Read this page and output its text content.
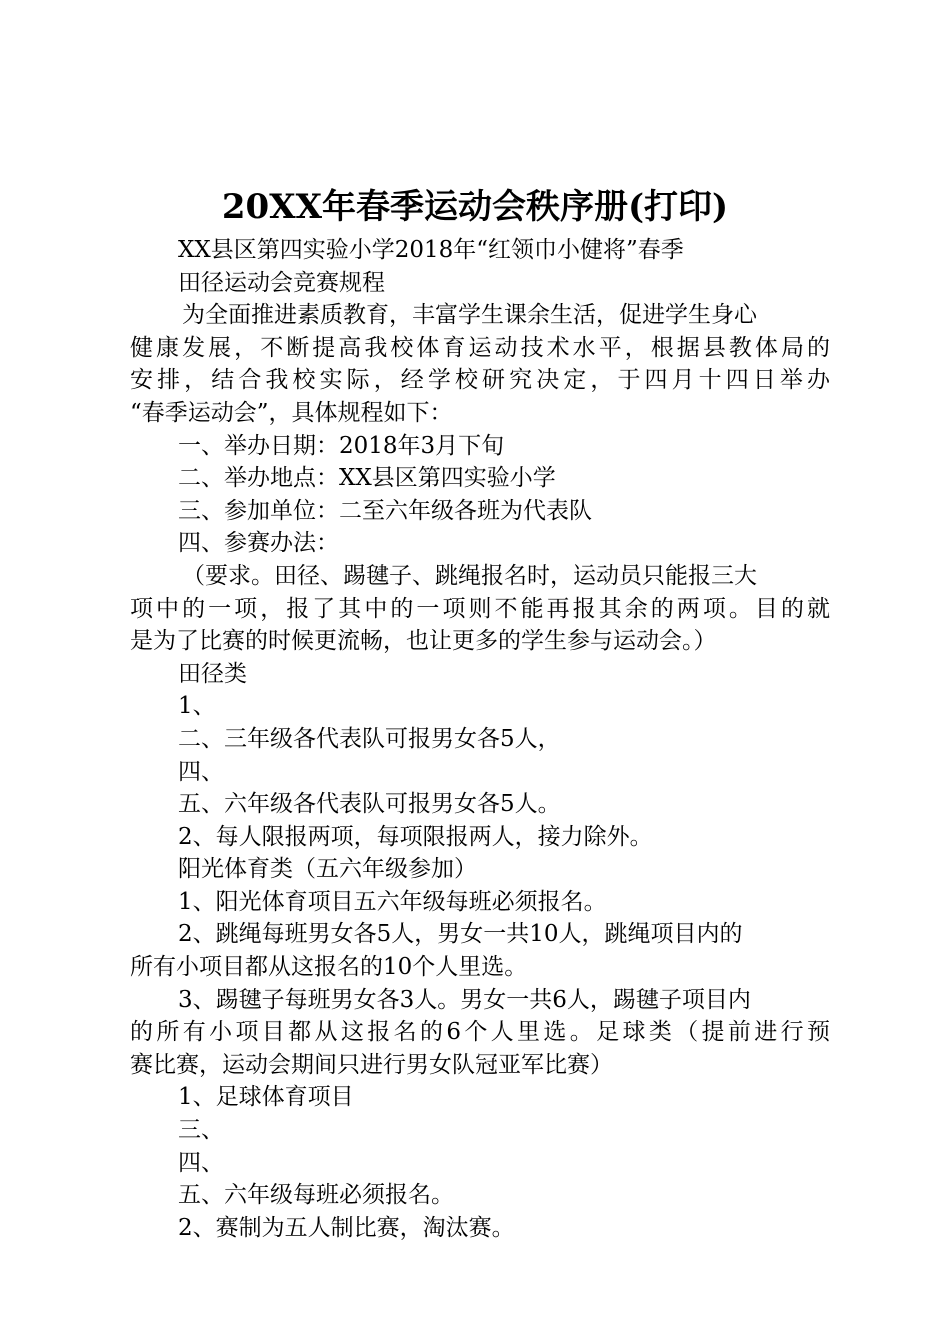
20XX年春季运动会秩序册(打印)
XX县区第四实验小学2018年“红领巾小健将”春季
田径运动会竞赛规程
为全面推进素质教育，丰富学生课余生活，促进学生身心
健康发展，不断提高我校体育运动技术水平，根据县教体局的
安排，结合我校实际，经学校研究决定，于四月十四日举办
“春季运动会”，具体规程如下：
一、举办日期：2018年3月下旬
二、举办地点：XX县区第四实验小学
三、参加单位：二至六年级各班为代表队
四、参赛办法：
（要求。田径、踢毽子、跳绳报名时，运动员只能报三大
项中的一项，报了其中的一项则不能再报其余的两项。目的就
是为了比赛的时候更流畅，也让更多的学生参与运动会。）
田径类
1、
二、三年级各代表队可报男女各5人，
四、
五、六年级各代表队可报男女各5人。
2、每人限报两项，每项限报两人，接力除外。
阳光体育类（五六年级参加）
1、阳光体育项目五六年级每班必须报名。
2、跳绳每班男女各5人，男女一共10人，跳绳项目内的
所有小项目都从这报名的10个人里选。
3、踢毽子每班男女各3人。男女一共6人，踢毽子项目内
的所有小项目都从这报名的6个人里选。足球类（提前进行预
赛比赛，运动会期间只进行男女队冠亚军比赛）
1、足球体育项目
三、
四、
五、六年级每班必须报名。
2、赛制为五人制比赛，淘汰赛。
